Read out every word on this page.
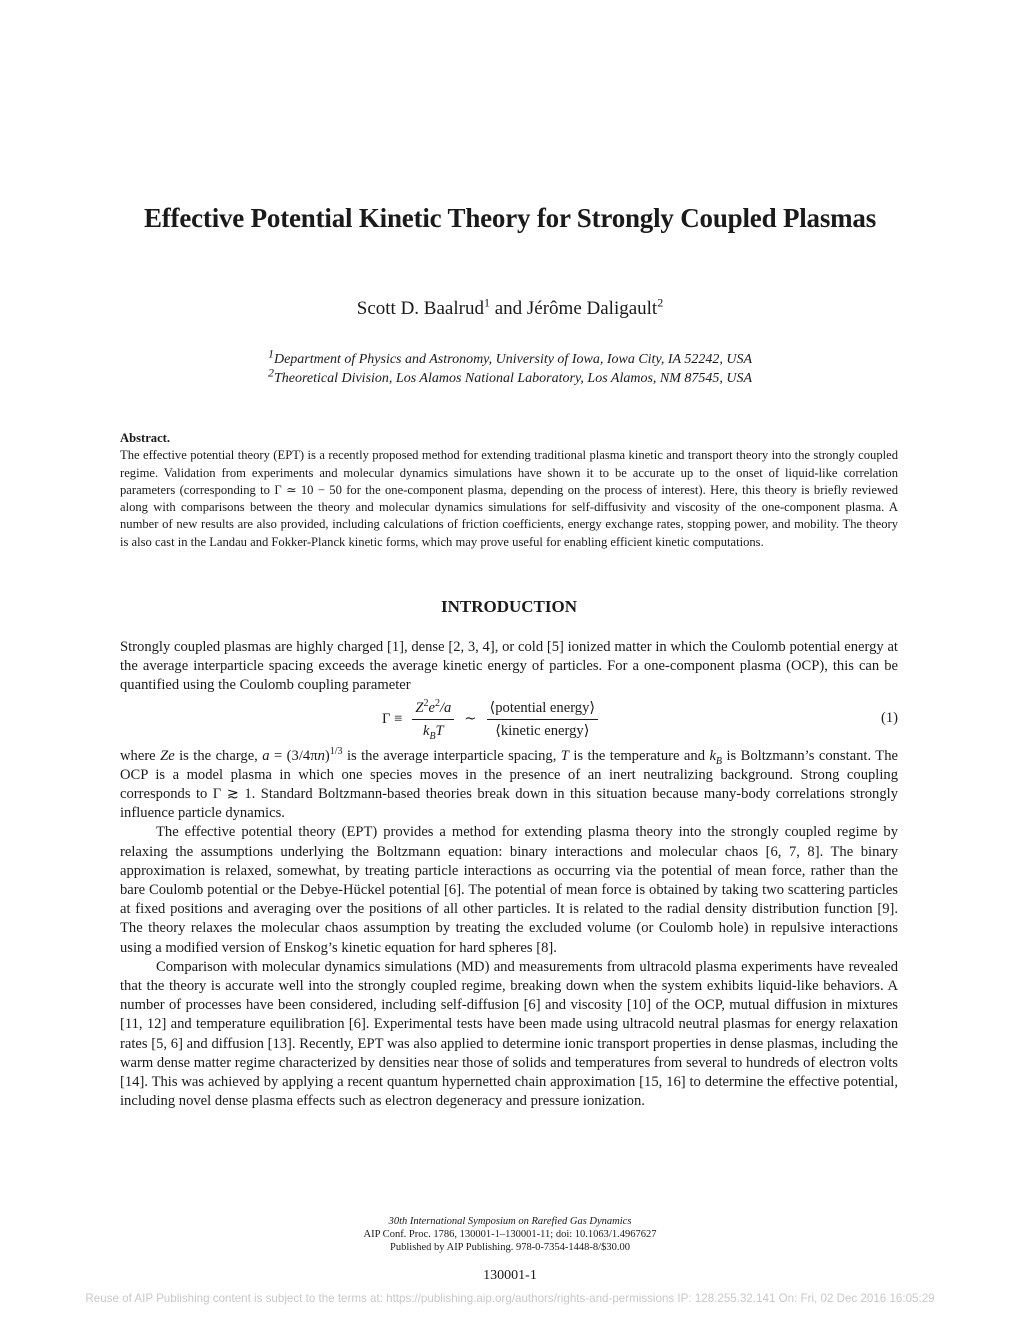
Effective Potential Kinetic Theory for Strongly Coupled Plasmas
Scott D. Baalrud$^1$ and Jérôme Daligault$^2$
$^1$Department of Physics and Astronomy, University of Iowa, Iowa City, IA 52242, USA
$^2$Theoretical Division, Los Alamos National Laboratory, Los Alamos, NM 87545, USA
Abstract.
The effective potential theory (EPT) is a recently proposed method for extending traditional plasma kinetic and transport theory into the strongly coupled regime. Validation from experiments and molecular dynamics simulations have shown it to be accurate up to the onset of liquid-like correlation parameters (corresponding to Γ ≃ 10 − 50 for the one-component plasma, depending on the process of interest). Here, this theory is briefly reviewed along with comparisons between the theory and molecular dynamics simulations for self-diffusivity and viscosity of the one-component plasma. A number of new results are also provided, including calculations of friction coefficients, energy exchange rates, stopping power, and mobility. The theory is also cast in the Landau and Fokker-Planck kinetic forms, which may prove useful for enabling efficient kinetic computations.
INTRODUCTION

Strongly coupled plasmas are highly charged [1], dense [2, 3, 4], or cold [5] ionized matter in which the Coulomb potential energy at the average interparticle spacing exceeds the average kinetic energy of particles. For a one-component plasma (OCP), this can be quantified using the Coulomb coupling parameter

$\Gamma \equiv \frac{Z^2e^2/a}{k_BT}$ ∼ $\frac{\text{⟨potential energy⟩}}{\text{⟨kinetic energy⟩}}$	(1)

where Ze is the charge, $a = (3/4\pi n)^{1/3}$ is the average interparticle spacing, T is the temperature and $k_B$ is Boltzmann’s constant. The OCP is a model plasma in which one species moves in the presence of an inert neutralizing background. Strong coupling corresponds to Γ ≳ 1. Standard Boltzmann-based theories break down in this situation because many-body correlations strongly influence particle dynamics.

The effective potential theory (EPT) provides a method for extending plasma theory into the strongly coupled regime by relaxing the assumptions underlying the Boltzmann equation: binary interactions and molecular chaos [6, 7, 8]. The binary approximation is relaxed, somewhat, by treating particle interactions as occurring via the potential of mean force, rather than the bare Coulomb potential or the Debye-Hückel potential [6]. The potential of mean force is obtained by taking two scattering particles at fixed positions and averaging over the positions of all other particles. It is related to the radial density distribution function [9]. The theory relaxes the molecular chaos assumption by treating the excluded volume (or Coulomb hole) in repulsive interactions using a modified version of Enskog’s kinetic equation for hard spheres [8].

Comparison with molecular dynamics simulations (MD) and measurements from ultracold plasma experiments have revealed that the theory is accurate well into the strongly coupled regime, breaking down when the system exhibits liquid-like behaviors. A number of processes have been considered, including self-diffusion [6] and viscosity [10] of the OCP, mutual diffusion in mixtures [11, 12] and temperature equilibration [6]. Experimental tests have been made using ultracold neutral plasmas for energy relaxation rates [5, 6] and diffusion [13]. Recently, EPT was also applied to determine ionic transport properties in dense plasmas, including the warm dense matter regime characterized by densities near those of solids and temperatures from several to hundreds of electron volts [14]. This was achieved by applying a recent quantum hypernetted chain approximation [15, 16] to determine the effective potential, including novel dense plasma effects such as electron degeneracy and pressure ionization.

30th International Symposium on Rarefied Gas Dynamics
AIP Conf. Proc. 1786, 130001-1–130001-11; doi: 10.1063/1.4967627
Published by AIP Publishing. 978-0-7354-1448-8/$30.00
130001-1
Reuse of AIP Publishing content is subject to the terms at: https://publishing.aip.org/authors/rights-and-permissions IP: 128.255.32.141 On: Fri, 02 Dec 2016 16:05:29
